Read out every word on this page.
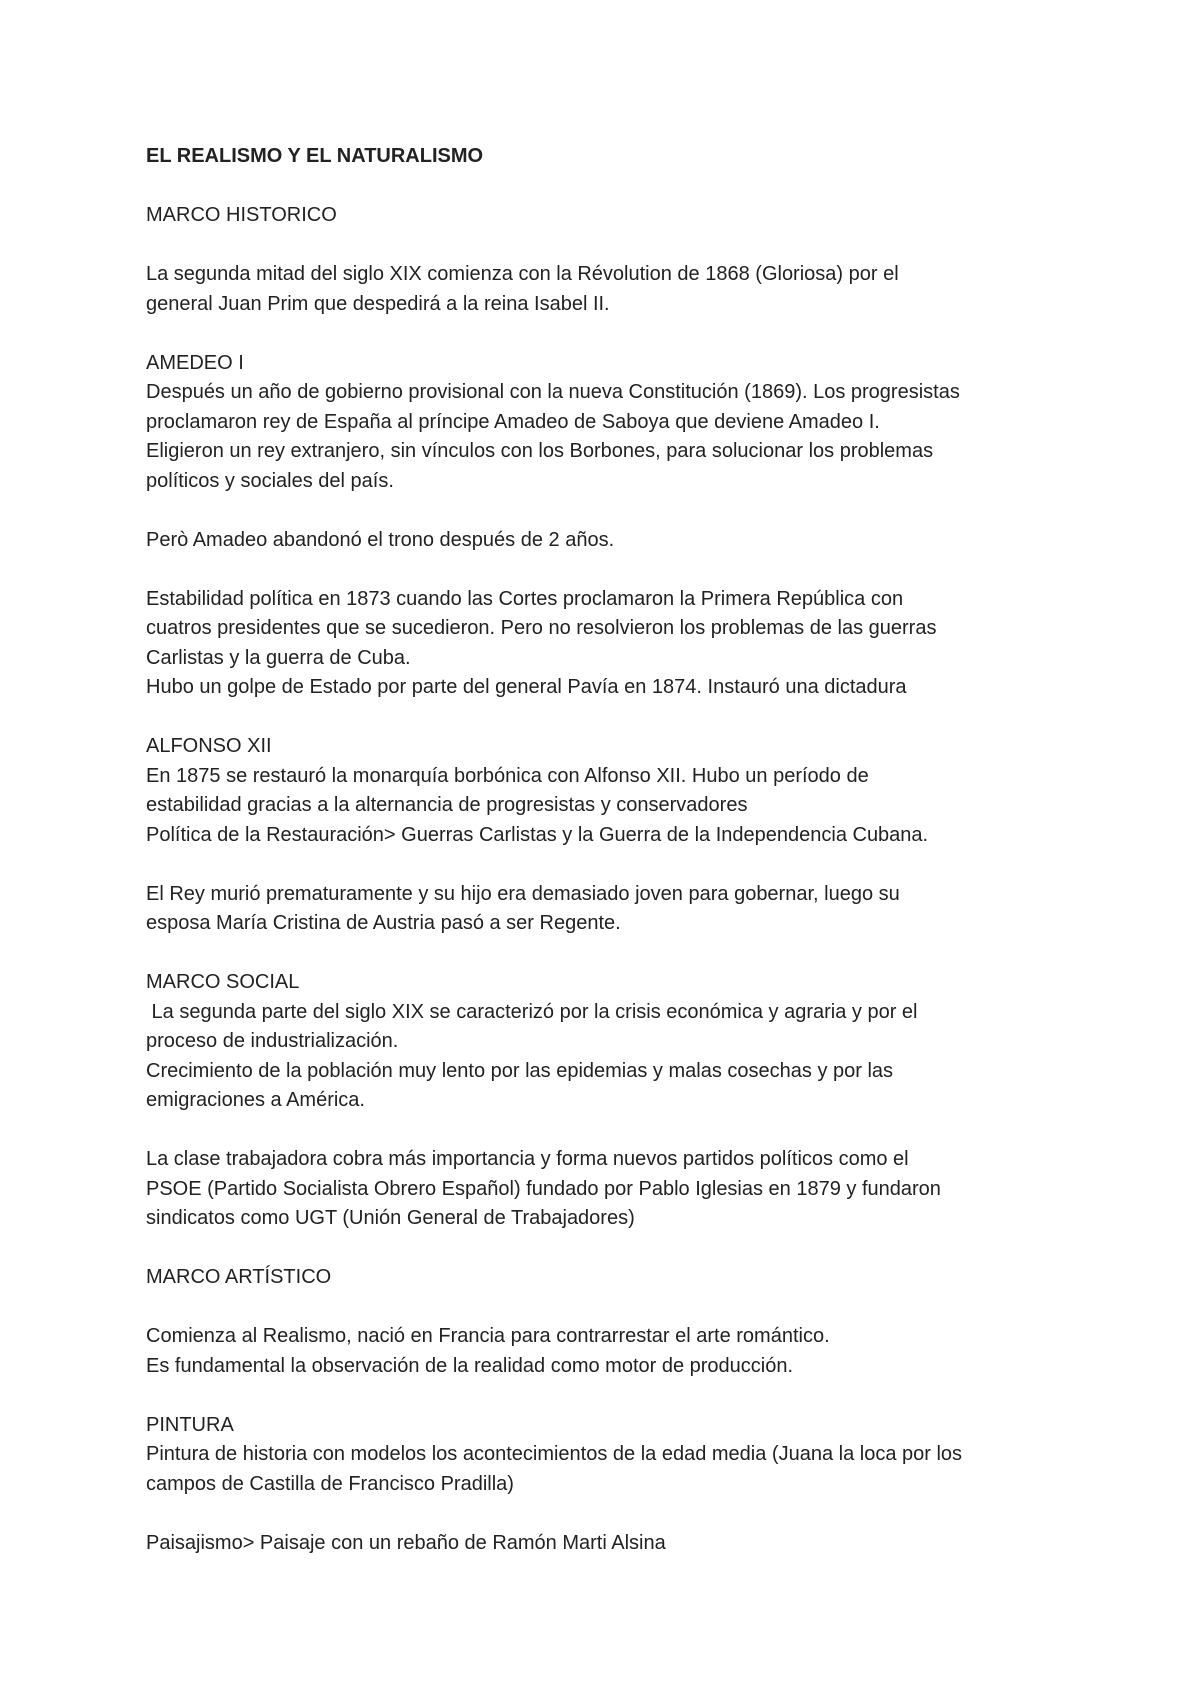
EL REALISMO Y EL NATURALISMO

MARCO HISTORICO
La segunda mitad del siglo XIX comienza con la Révolution de 1868 (Gloriosa) por el
general Juan Prim que despedirá a la reina Isabel II.
AMEDEO I
Después un año de gobierno provisional con la nueva Constitución (1869). Los progresistas
proclamaron rey de España al príncipe Amadeo de Saboya que deviene Amadeo I.
Eligieron un rey extranjero, sin vínculos con los Borbones, para solucionar los problemas
políticos y sociales del país.
Però Amadeo abandonó el trono después de 2 años.
Estabilidad política en 1873 cuando las Cortes proclamaron la Primera República con
cuatros presidentes que se sucedieron. Pero no resolvieron los problemas de las guerras
Carlistas y la guerra de Cuba.
Hubo un golpe de Estado por parte del general Pavía en 1874. Instauró una dictadura
ALFONSO XII
En 1875 se restauró la monarquía borbónica con Alfonso XII. Hubo un período de
estabilidad gracias a la alternancia de progresistas y conservadores
Política de la Restauración> Guerras Carlistas y la Guerra de la Independencia Cubana.
El Rey murió prematuramente y su hijo era demasiado joven para gobernar, luego su
esposa María Cristina de Austria pasó a ser Regente.
MARCO SOCIAL
La segunda parte del siglo XIX se caracterizó por la crisis económica y agraria y por el
proceso de industrialización.
Crecimiento de la población muy lento por las epidemias y malas cosechas y por las
emigraciones a América.
La clase trabajadora cobra más importancia y forma nuevos partidos políticos como el
PSOE (Partido Socialista Obrero Español) fundado por Pablo Iglesias en 1879 y fundaron
sindicatos como UGT (Unión General de Trabajadores)
MARCO ARTÍSTICO
Comienza al Realismo, nació en Francia para contrarrestar el arte romántico.
Es fundamental la observación de la realidad como motor de producción.
PINTURA
Pintura de historia con modelos los acontecimientos de la edad media (Juana la loca por los
campos de Castilla de Francisco Pradilla)
Paisajismo> Paisaje con un rebaño de Ramón Marti Alsina
